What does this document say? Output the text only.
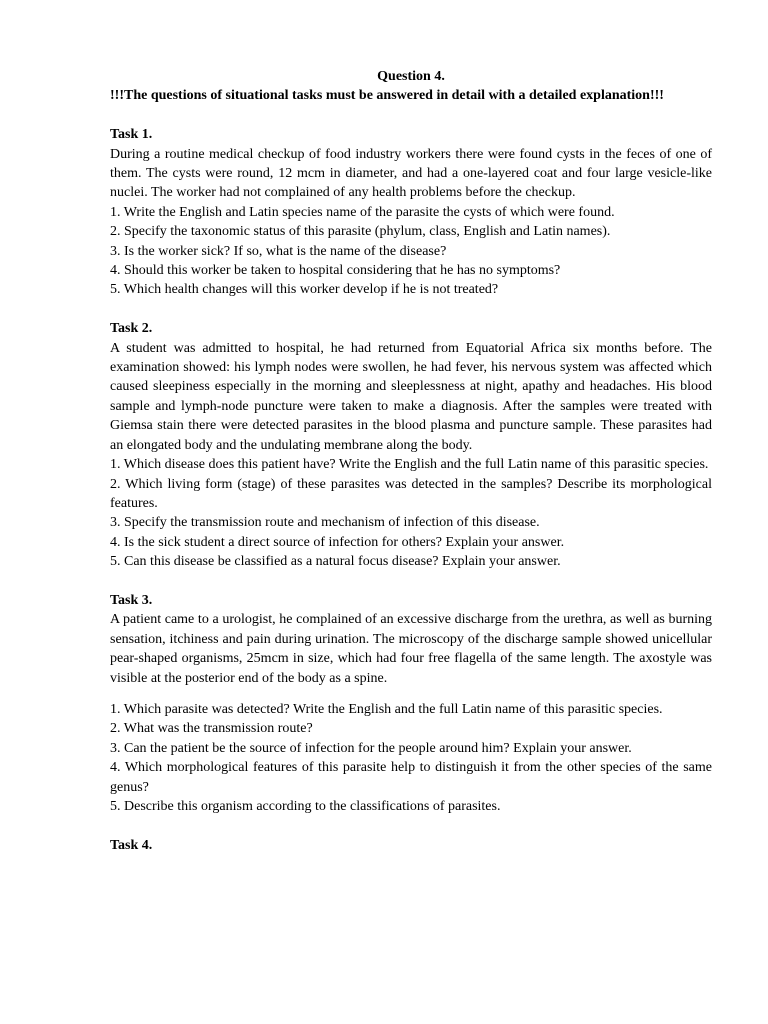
Question 4.
!!!The questions of situational tasks must be answered in detail with a detailed explanation!!!

Task 1.

During a routine medical checkup of food industry workers there were found cysts in the feces of one of them. The cysts were round, 12 mcm in diameter, and had a one-layered coat and four large vesicle-like nuclei. The worker had not complained of any health problems before the checkup.

1. Write the English and Latin species name of the parasite the cysts of which were found.

2. Specify the taxonomic status of this parasite (phylum, class, English and Latin names).

3. Is the worker sick? If so, what is the name of the disease?

4. Should this worker be taken to hospital considering that he has no symptoms?

5. Which health changes will this worker develop if he is not treated?

Task 2.

A student was admitted to hospital, he had returned from Equatorial Africa six months before. The examination showed: his lymph nodes were swollen, he had fever, his nervous system was affected which caused sleepiness especially in the morning and sleeplessness at night, apathy and headaches. His blood sample and lymph-node puncture were taken to make a diagnosis. After the samples were treated with Giemsa stain there were detected parasites in the blood plasma and puncture sample. These parasites had an elongated body and the undulating membrane along the body.

1. Which disease does this patient have? Write the English and the full Latin name of this parasitic species.

2. Which living form (stage) of these parasites was detected in the samples? Describe its morphological features.

3. Specify the transmission route and mechanism of infection of this disease.

4. Is the sick student a direct source of infection for others? Explain your answer.

5. Can this disease be classified as a natural focus disease? Explain your answer.

Task 3.

A patient came to a urologist, he complained of an excessive discharge from the urethra, as well as burning sensation, itchiness and pain during urination. The microscopy of the discharge sample showed unicellular pear-shaped organisms, 25mcm in size, which had four free flagella of the same length. The axostyle was visible at the posterior end of the body as a spine.

1. Which parasite was detected? Write the English and the full Latin name of this parasitic species.

2. What was the transmission route?

3. Can the patient be the source of infection for the people around him? Explain your answer.

4. Which morphological features of this parasite help to distinguish it from the other species of the same genus?

5. Describe this organism according to the classifications of parasites.

Task 4.
